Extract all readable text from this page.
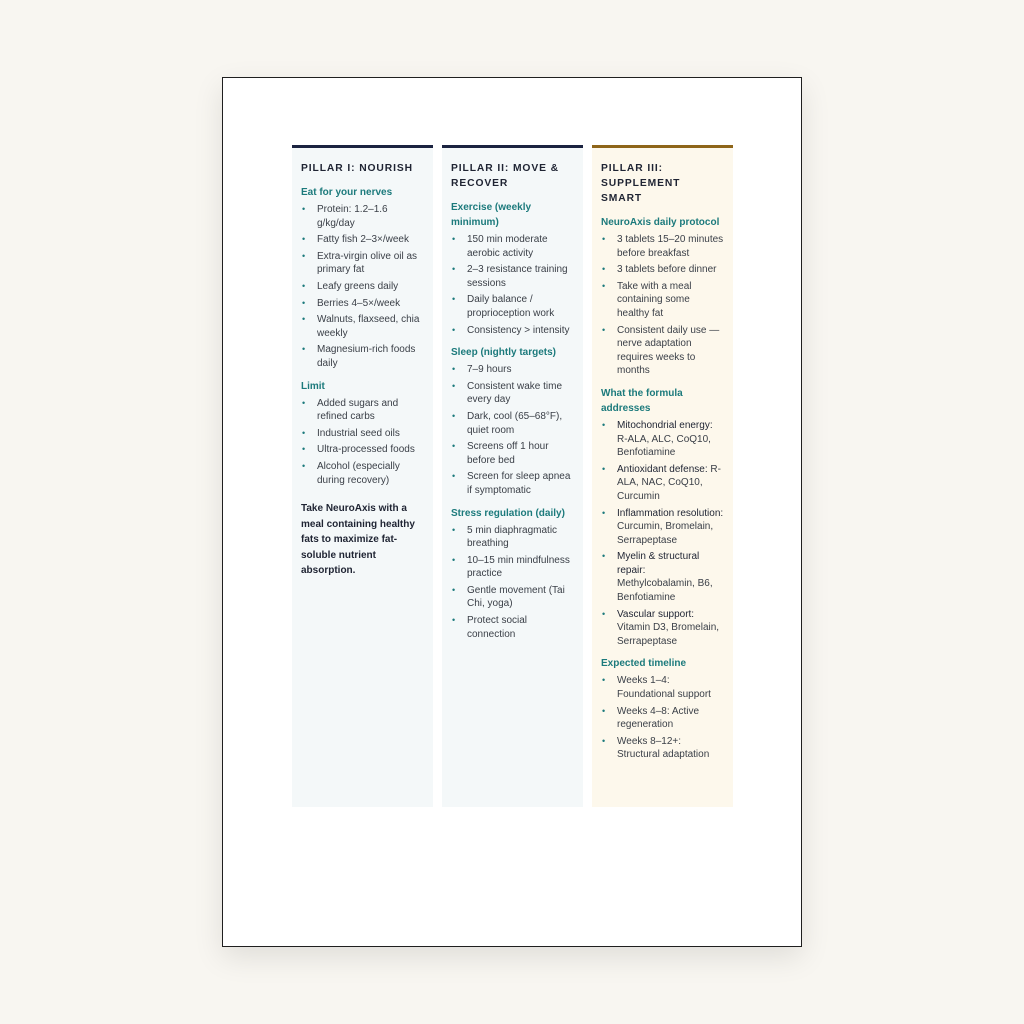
PILLAR I: NOURISH
Eat for your nerves
• Protein: 1.2–1.6 g/kg/day
• Fatty fish 2–3×/week
• Extra-virgin olive oil as primary fat
• Leafy greens daily
• Berries 4–5×/week
• Walnuts, flaxseed, chia weekly
• Magnesium-rich foods daily
Limit
• Added sugars and refined carbs
• Industrial seed oils
• Ultra-processed foods
• Alcohol (especially during recovery)
Take NeuroAxis with a meal containing healthy fats to maximize fat-soluble nutrient absorption.
PILLAR II: MOVE & RECOVER
Exercise (weekly minimum)
• 150 min moderate aerobic activity
• 2–3 resistance training sessions
• Daily balance / proprioception work
• Consistency > intensity
Sleep (nightly targets)
• 7–9 hours
• Consistent wake time every day
• Dark, cool (65–68°F), quiet room
• Screens off 1 hour before bed
• Screen for sleep apnea if symptomatic
Stress regulation (daily)
• 5 min diaphragmatic breathing
• 10–15 min mindfulness practice
• Gentle movement (Tai Chi, yoga)
• Protect social connection
PILLAR III: SUPPLEMENT SMART
NeuroAxis daily protocol
• 3 tablets 15–20 minutes before breakfast
• 3 tablets before dinner
• Take with a meal containing some healthy fat
• Consistent daily use — nerve adaptation requires weeks to months
What the formula addresses
• Mitochondrial energy: R-ALA, ALC, CoQ10, Benfotiamine
• Antioxidant defense: R-ALA, NAC, CoQ10, Curcumin
• Inflammation resolution: Curcumin, Bromelain, Serrapeptase
• Myelin & structural repair: Methylcobalamin, B6, Benfotiamine
• Vascular support: Vitamin D3, Bromelain, Serrapeptase
Expected timeline
• Weeks 1–4: Foundational support
• Weeks 4–8: Active regeneration
• Weeks 8–12+: Structural adaptation
